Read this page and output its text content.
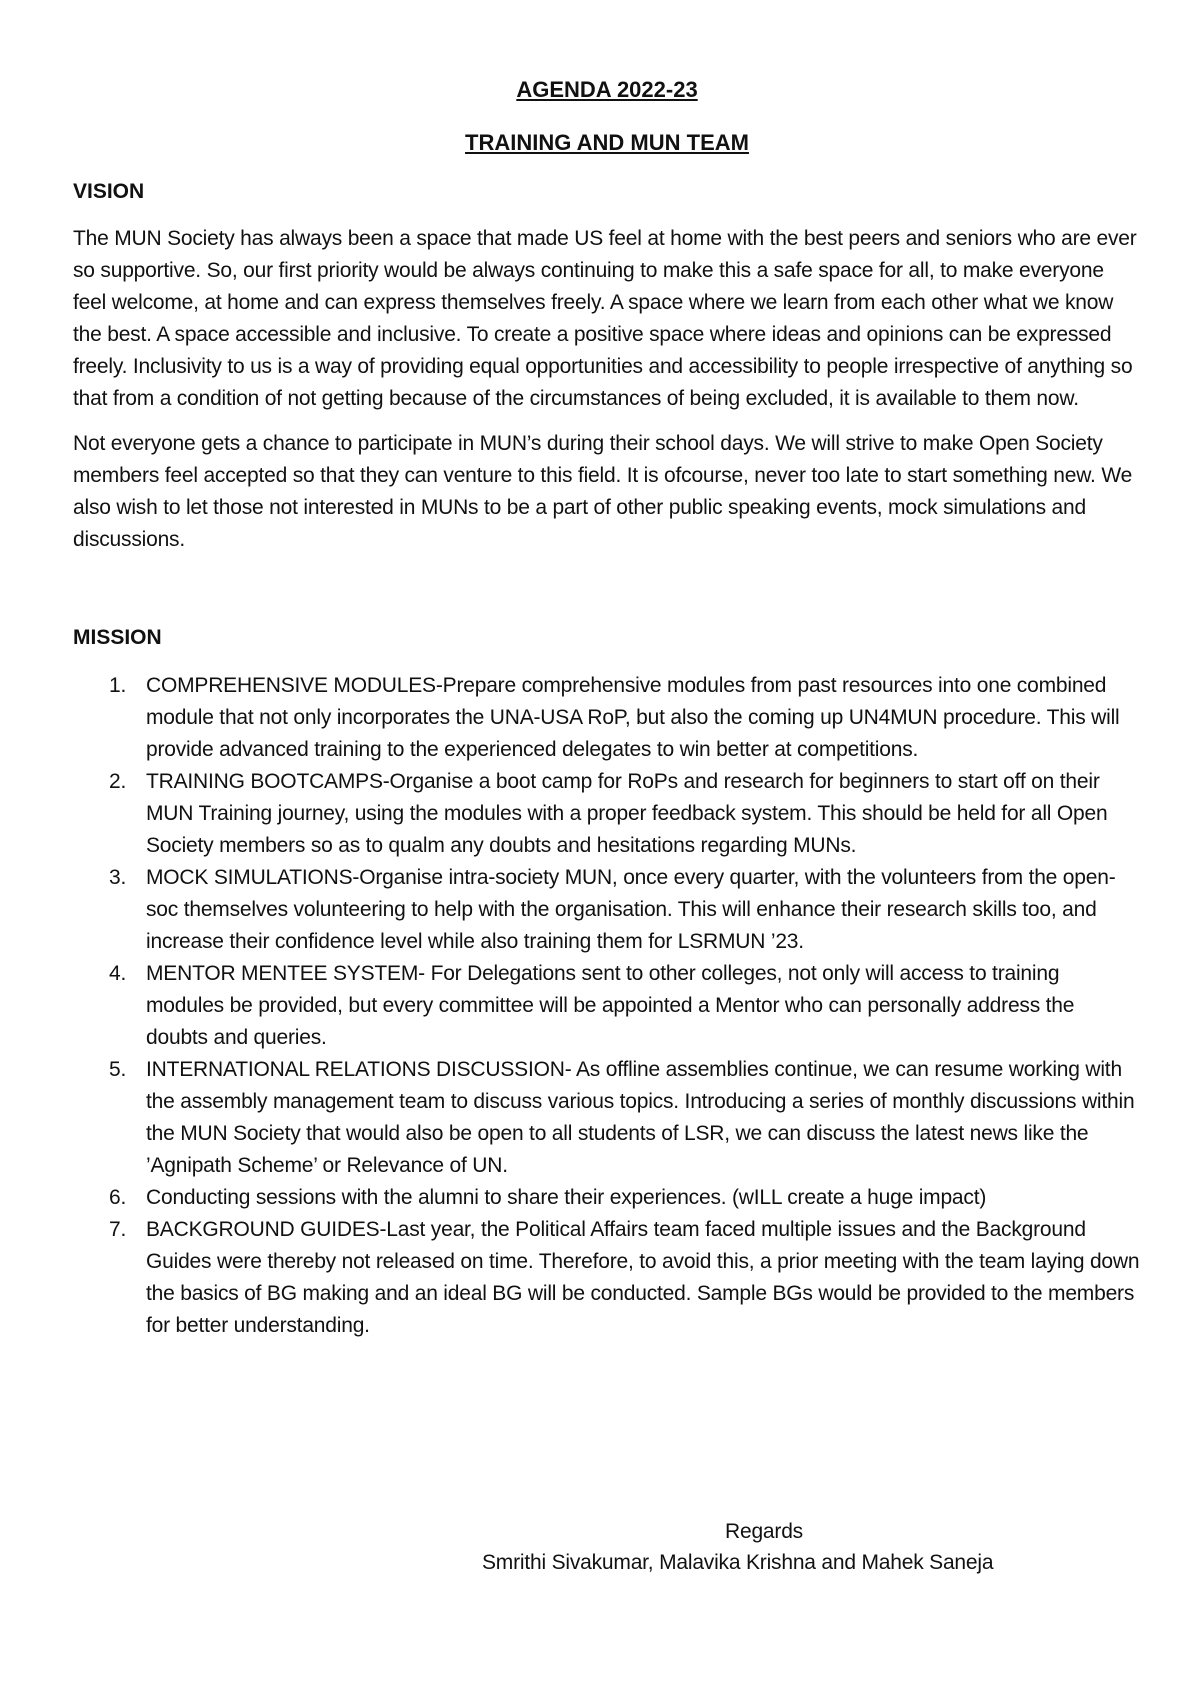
AGENDA 2022-23
TRAINING AND MUN TEAM
VISION

The MUN Society has always been a space that made US feel at home with the best peers and seniors who are ever so supportive. So, our first priority would be always continuing to make this a safe space for all, to make everyone feel welcome, at home and can express themselves freely. A space where we learn from each other what we know the best. A space accessible and inclusive. To create a positive space where ideas and opinions can be expressed freely. Inclusivity to us is a way of providing equal opportunities and accessibility to people irrespective of anything so that from a condition of not getting because of the circumstances of being excluded, it is available to them now.

Not everyone gets a chance to participate in MUN’s during their school days. We will strive to make Open Society members feel accepted so that they can venture to this field. It is ofcourse, never too late to start something new. We also wish to let those not interested in MUNs to be a part of other public speaking events, mock simulations and discussions.

MISSION
1. COMPREHENSIVE MODULES-Prepare comprehensive modules from past resources into one combined module that not only incorporates the UNA-USA RoP, but also the coming up UN4MUN procedure. This will provide advanced training to the experienced delegates to win better at competitions.
2. TRAINING BOOTCAMPS-Organise a boot camp for RoPs and research for beginners to start off on their MUN Training journey, using the modules with a proper feedback system. This should be held for all Open Society members so as to qualm any doubts and hesitations regarding MUNs.
3. MOCK SIMULATIONS-Organise intra-society MUN, once every quarter, with the volunteers from the open-soc themselves volunteering to help with the organisation. This will enhance their research skills too, and increase their confidence level while also training them for LSRMUN ’23.
4. MENTOR MENTEE SYSTEM- For Delegations sent to other colleges, not only will access to training modules be provided, but every committee will be appointed a Mentor who can personally address the doubts and queries.
5. INTERNATIONAL RELATIONS DISCUSSION- As offline assemblies continue, we can resume working with the assembly management team to discuss various topics. Introducing a series of monthly discussions within the MUN Society that would also be open to all students of LSR, we can discuss the latest news like the ’Agnipath Scheme’ or Relevance of UN.
6. Conducting sessions with the alumni to share their experiences. (wILL create a huge impact)
7. BACKGROUND GUIDES-Last year, the Political Affairs team faced multiple issues and the Background Guides were thereby not released on time. Therefore, to avoid this, a prior meeting with the team laying down the basics of BG making and an ideal BG will be conducted. Sample BGs would be provided to the members for better understanding.
Regards
Smrithi Sivakumar, Malavika Krishna and Mahek Saneja
